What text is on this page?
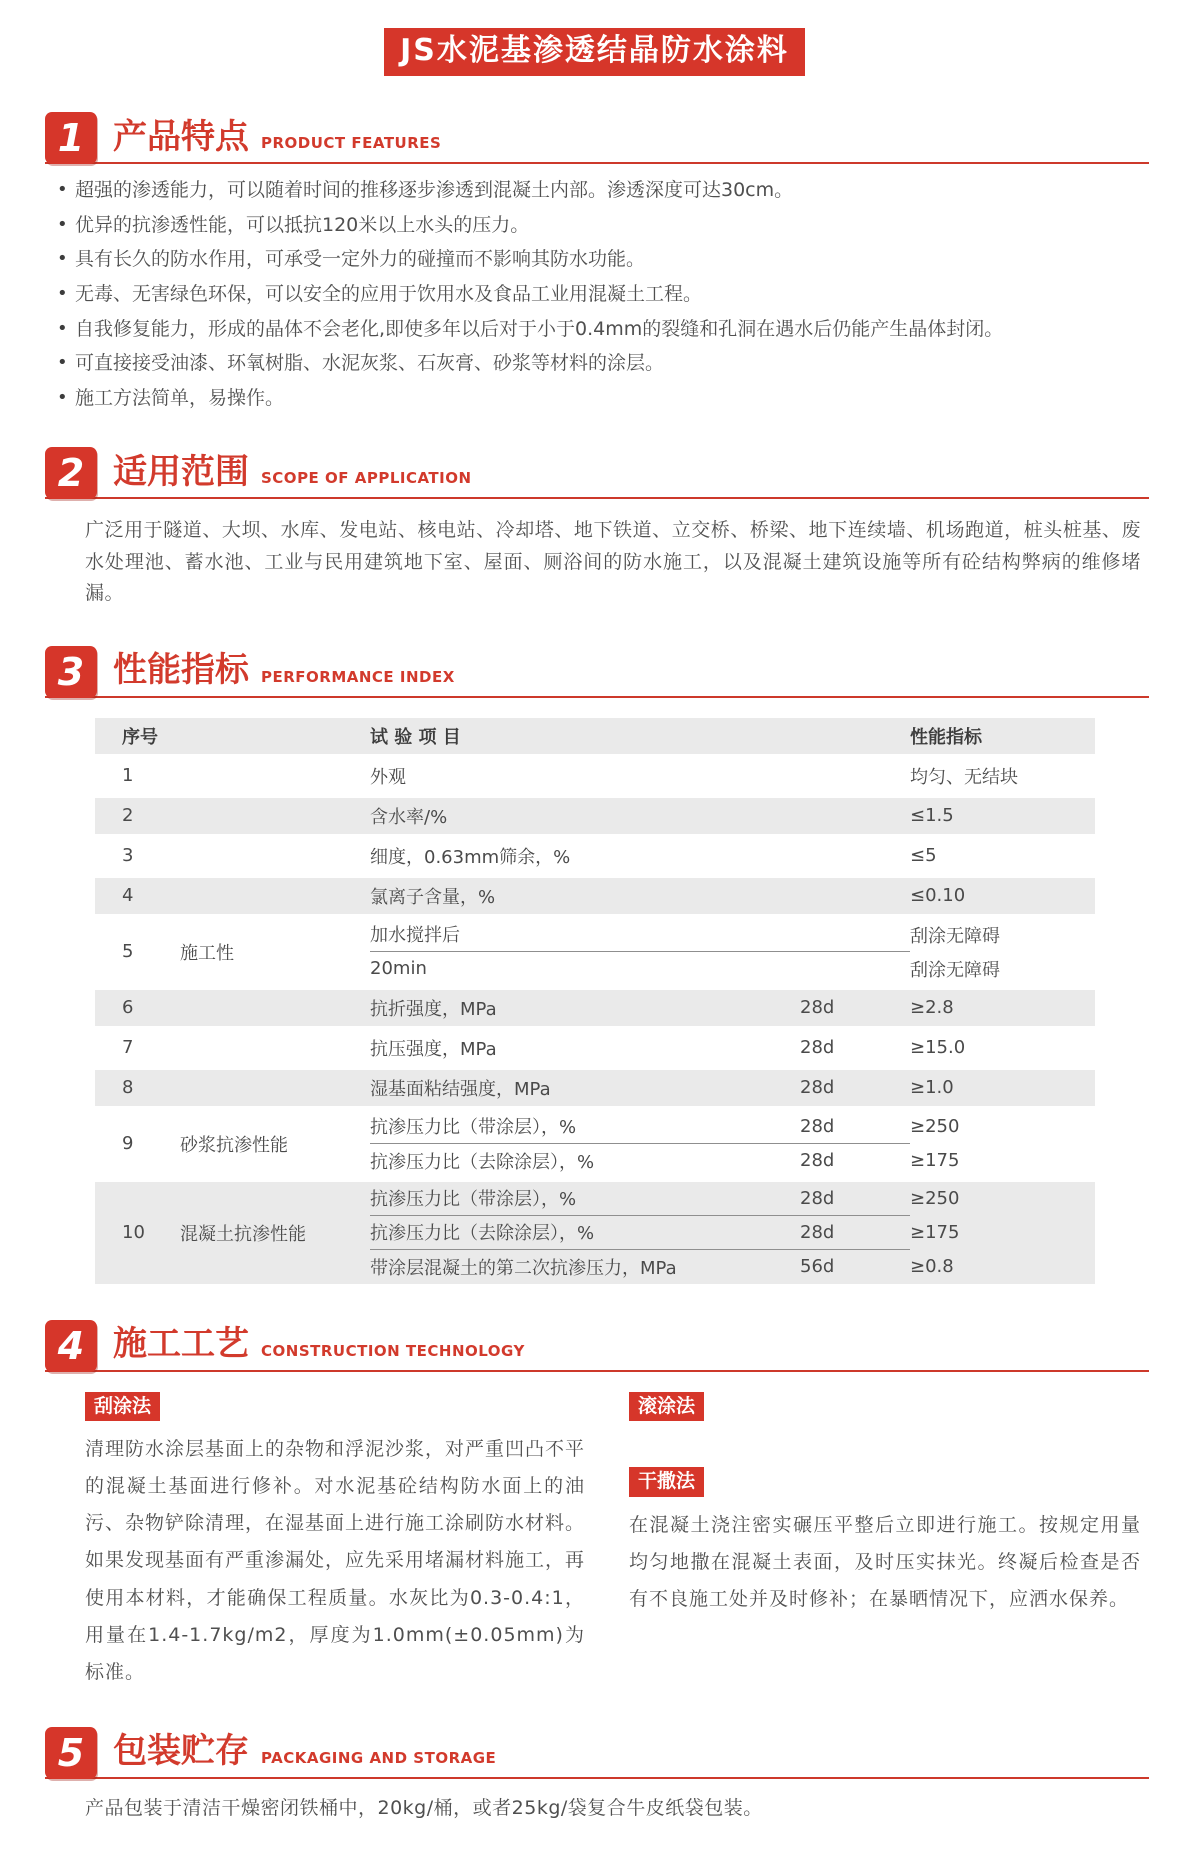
JS水泥基渗透结晶防水涂料
1 产品特点 PRODUCT FEATURES
• 超强的渗透能力，可以随着时间的推移逐步渗透到混凝土内部。渗透深度可达30cm。
• 优异的抗渗透性能，可以抵抗120米以上水头的压力。
• 具有长久的防水作用，可承受一定外力的碰撞而不影响其防水功能。
• 无毒、无害绿色环保，可以安全的应用于饮用水及食品工业用混凝土工程。
• 自我修复能力，形成的晶体不会老化,即使多年以后对于小于0.4mm的裂缝和孔洞在遇水后仍能产生晶体封闭。
• 可直接接受油漆、环氧树脂、水泥灰浆、石灰膏、砂浆等材料的涂层。
• 施工方法简单，易操作。
2 适用范围 SCOPE OF APPLICATION
广泛用于隧道、大坝、水库、发电站、核电站、冷却塔、地下铁道、立交桥、桥梁、地下连续墙、机场跑道，桩头桩基、废水处理池、蓄水池、工业与民用建筑地下室、屋面、厕浴间的防水施工，以及混凝土建筑设施等所有砼结构弊病的维修堵漏。
3 性能指标 PERFORMANCE INDEX
序号	试 验 项 目	性能指标
1	外观	均匀、无结块
2	含水率/%	≤1.5
3	细度，0.63mm筛余，%	≤5
4	氯离子含量，%	≤0.10
5	施工性
加水搅拌后	刮涂无障碍
20min	刮涂无障碍
6	抗折强度，MPa	28d	≥2.8
7	抗压强度，MPa	28d	≥15.0
8	湿基面粘结强度，MPa	28d	≥1.0
9	砂浆抗渗性能
抗渗压力比（带涂层），%	28d	≥250
抗渗压力比（去除涂层），%	28d	≥175
10	混凝土抗渗性能
抗渗压力比（带涂层），%	28d	≥250
抗渗压力比（去除涂层），%	28d	≥175
带涂层混凝土的第二次抗渗压力，MPa	56d	≥0.8
4 施工工艺 CONSTRUCTION TECHNOLOGY
刮涂法
清理防水涂层基面上的杂物和浮泥沙浆，对严重凹凸不平的混凝土基面进行修补。对水泥基砼结构防水面上的油污、杂物铲除清理，在湿基面上进行施工涂刷防水材料。如果发现基面有严重渗漏处，应先采用堵漏材料施工，再使用本材料，才能确保工程质量。水灰比为0.3-0.4:1，用量在1.4-1.7kg/m2，厚度为1.0mm(±0.05mm)为标准。
滚涂法
干撒法
在混凝土浇注密实碾压平整后立即进行施工。按规定用量均匀地撒在混凝土表面，及时压实抹光。终凝后检查是否有不良施工处并及时修补；在暴晒情况下，应洒水保养。
5 包装贮存 PACKAGING AND STORAGE
产品包装于清洁干燥密闭铁桶中，20kg/桶，或者25kg/袋复合牛皮纸袋包装。
